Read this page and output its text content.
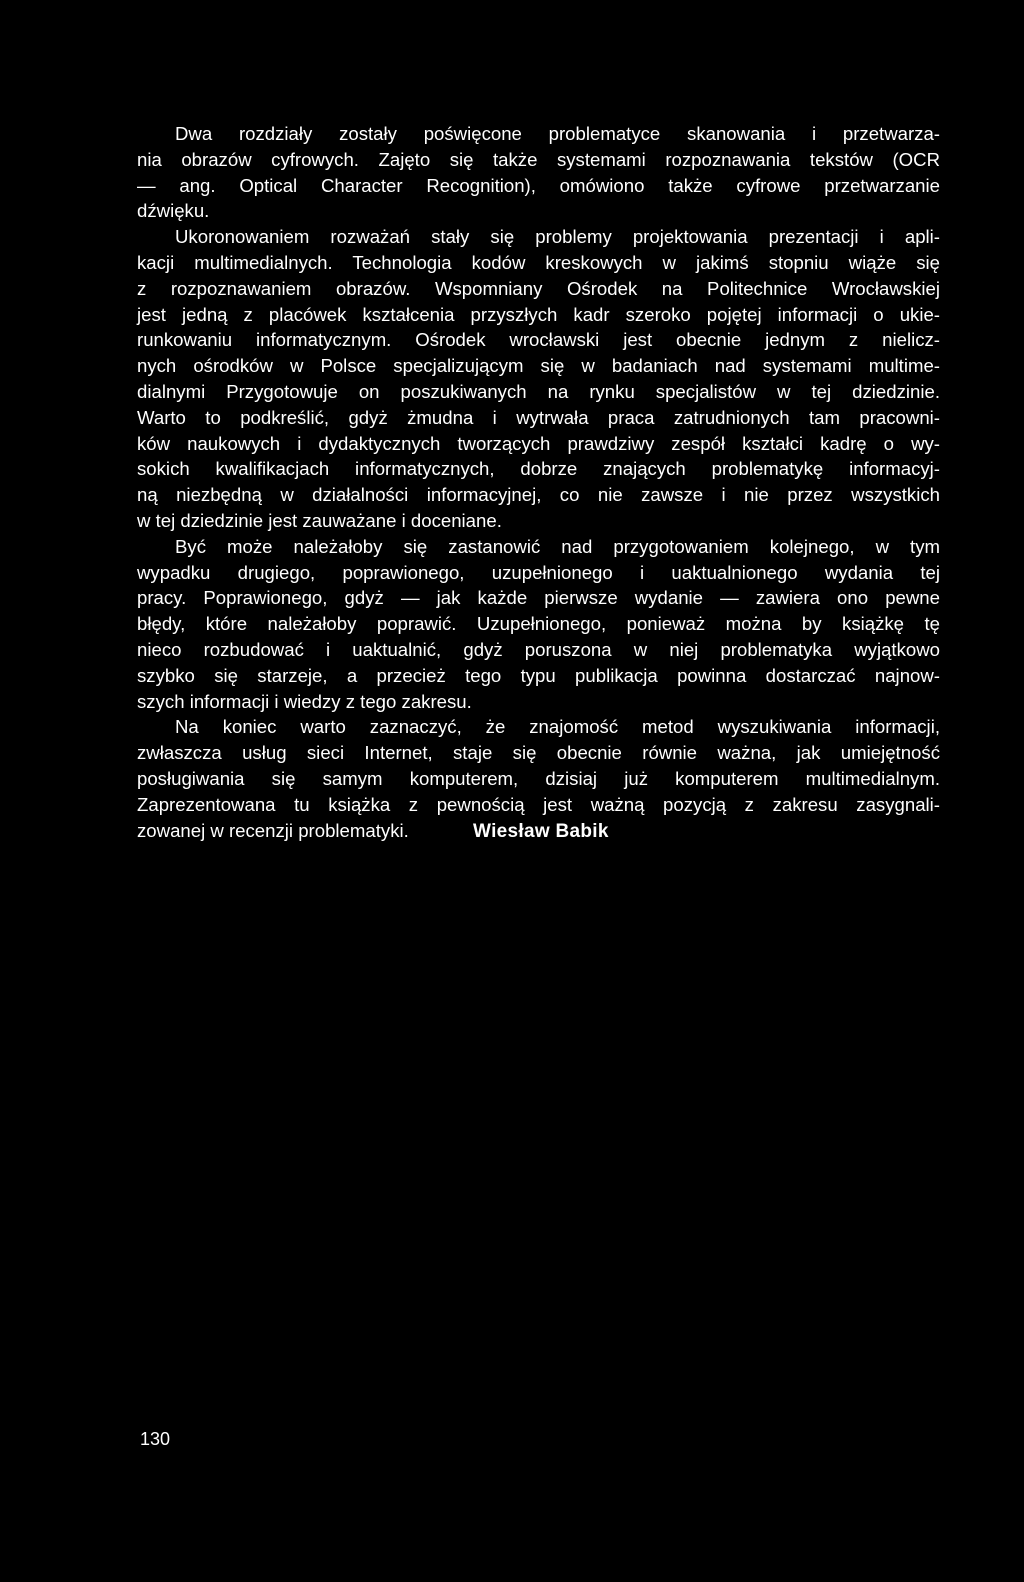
Dwa rozdziały zostały poświęcone problematyce skanowania i przetwarza-
nia obrazów cyfrowych. Zajęto się także systemami rozpoznawania tekstów (OCR
— ang. Optical Character Recognition), omówiono także cyfrowe przetwarzanie
dźwięku.
Ukoronowaniem rozważań stały się problemy projektowania prezentacji i apli-
kacji multimedialnych. Technologia kodów kreskowych w jakimś stopniu wiąże się
z rozpoznawaniem obrazów. Wspomniany Ośrodek na Politechnice Wrocławskiej
jest jedną z placówek kształcenia przyszłych kadr szeroko pojętej informacji o ukie-
runkowaniu informatycznym. Ośrodek wrocławski jest obecnie jednym z nielicz-
nych ośrodków w Polsce specjalizującym się w badaniach nad systemami multime-
dialnymi Przygotowuje on poszukiwanych na rynku specjalistów w tej dziedzinie.
Warto to podkreślić, gdyż żmudna i wytrwała praca zatrudnionych tam pracowni-
ków naukowych i dydaktycznych tworzących prawdziwy zespół kształci kadrę o wy-
sokich kwalifikacjach informatycznych, dobrze znających problematykę informacyj-
ną niezbędną w działalności informacyjnej, co nie zawsze i nie przez wszystkich
w tej dziedzinie jest zauważane i doceniane.
Być może należałoby się zastanowić nad przygotowaniem kolejnego, w tym
wypadku drugiego, poprawionego, uzupełnionego i uaktualnionego wydania tej
pracy. Poprawionego, gdyż — jak każde pierwsze wydanie — zawiera ono pewne
błędy, które należałoby poprawić. Uzupełnionego, ponieważ można by książkę tę
nieco rozbudować i uaktualnić, gdyż poruszona w niej problematyka wyjątkowo
szybko się starzeje, a przecież tego typu publikacja powinna dostarczać najnow-
szych informacji i wiedzy z tego zakresu.
Na koniec warto zaznaczyć, że znajomość metod wyszukiwania informacji,
zwłaszcza usług sieci Internet, staje się obecnie równie ważna, jak umiejętność
posługiwania się samym komputerem, dzisiaj już komputerem multimedialnym.
Zaprezentowana tu książka z pewnością jest ważną pozycją z zakresu zasygnali-
zowanej w recenzji problematyki.	Wiesław Babik
130
